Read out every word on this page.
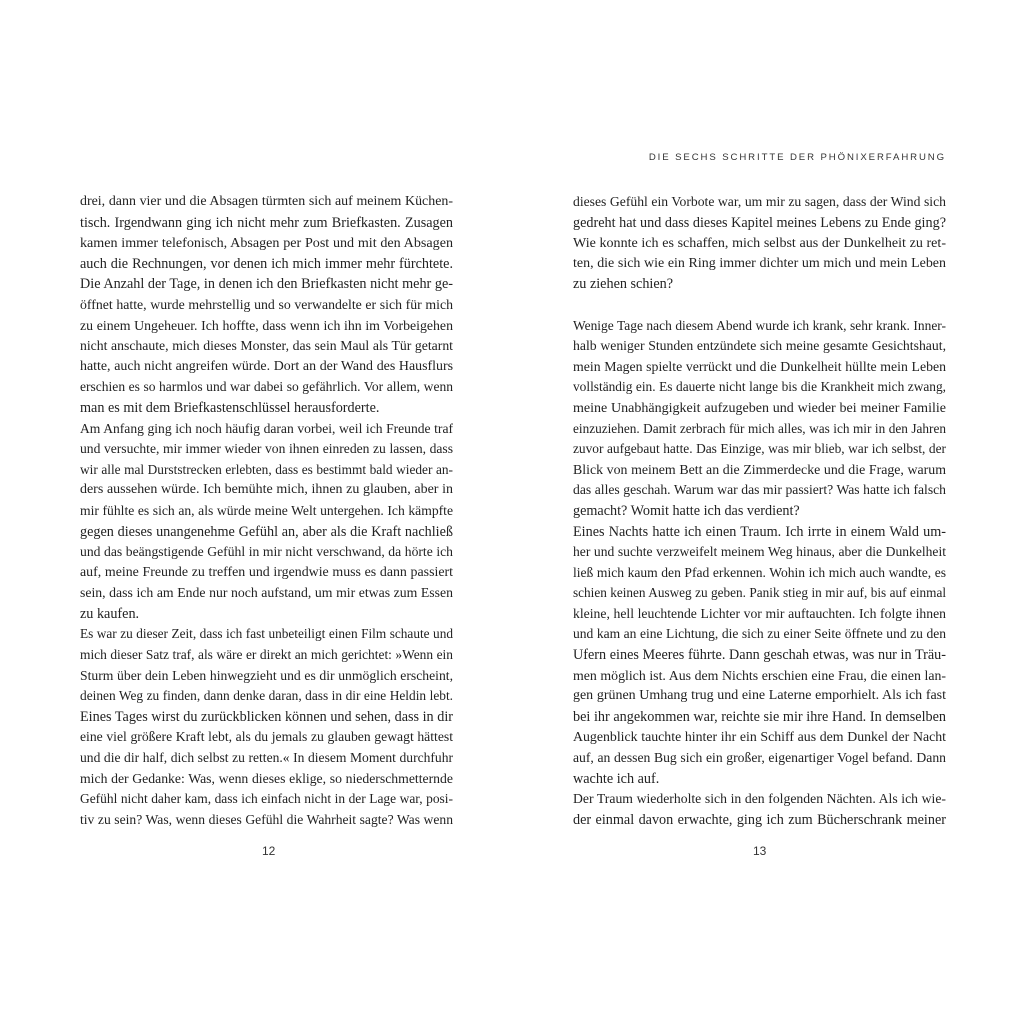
drei, dann vier und die Absagen türmten sich auf meinem Küchen-
tisch. Irgendwann ging ich nicht mehr zum Briefkasten. Zusagen
kamen immer telefonisch, Absagen per Post und mit den Absagen
auch die Rechnungen, vor denen ich mich immer mehr fürchtete.
Die Anzahl der Tage, in denen ich den Briefkasten nicht mehr ge-
öffnet hatte, wurde mehrstellig und so verwandelte er sich für mich
zu einem Ungeheuer. Ich hoffte, dass wenn ich ihn im Vorbeigehen
nicht anschaute, mich dieses Monster, das sein Maul als Tür getarnt
hatte, auch nicht angreifen würde. Dort an der Wand des Hausflurs
erschien es so harmlos und war dabei so gefährlich. Vor allem, wenn
man es mit dem Briefkastenschlüssel herausforderte.
Am Anfang ging ich noch häufig daran vorbei, weil ich Freunde traf
und versuchte, mir immer wieder von ihnen einreden zu lassen, dass
wir alle mal Durststrecken erlebten, dass es bestimmt bald wieder an-
ders aussehen würde. Ich bemühte mich, ihnen zu glauben, aber in
mir fühlte es sich an, als würde meine Welt untergehen. Ich kämpfte
gegen dieses unangenehme Gefühl an, aber als die Kraft nachließ
und das beängstigende Gefühl in mir nicht verschwand, da hörte ich
auf, meine Freunde zu treffen und irgendwie muss es dann passiert
sein, dass ich am Ende nur noch aufstand, um mir etwas zum Essen
zu kaufen.
Es war zu dieser Zeit, dass ich fast unbeteiligt einen Film schaute und
mich dieser Satz traf, als wäre er direkt an mich gerichtet: »Wenn ein
Sturm über dein Leben hinwegzieht und es dir unmöglich erscheint,
deinen Weg zu finden, dann denke daran, dass in dir eine Heldin lebt.
Eines Tages wirst du zurückblicken können und sehen, dass in dir
eine viel größere Kraft lebt, als du jemals zu glauben gewagt hättest
und die dir half, dich selbst zu retten.« In diesem Moment durchfuhr
mich der Gedanke: Was, wenn dieses eklige, so niederschmetternde
Gefühl nicht daher kam, dass ich einfach nicht in der Lage war, posi-
tiv zu sein? Was, wenn dieses Gefühl die Wahrheit sagte? Was wenn
12
DIE SECHS SCHRITTE DER PHÖNIXERFAHRUNG
dieses Gefühl ein Vorbote war, um mir zu sagen, dass der Wind sich
gedreht hat und dass dieses Kapitel meines Lebens zu Ende ging?
Wie konnte ich es schaffen, mich selbst aus der Dunkelheit zu ret-
ten, die sich wie ein Ring immer dichter um mich und mein Leben
zu ziehen schien?
Wenige Tage nach diesem Abend wurde ich krank, sehr krank. Inner-
halb weniger Stunden entzündete sich meine gesamte Gesichtshaut,
mein Magen spielte verrückt und die Dunkelheit hüllte mein Leben
vollständig ein. Es dauerte nicht lange bis die Krankheit mich zwang,
meine Unabhängigkeit aufzugeben und wieder bei meiner Familie
einzuziehen. Damit zerbrach für mich alles, was ich mir in den Jahren
zuvor aufgebaut hatte. Das Einzige, was mir blieb, war ich selbst, der
Blick von meinem Bett an die Zimmerdecke und die Frage, warum
das alles geschah. Warum war das mir passiert? Was hatte ich falsch
gemacht? Womit hatte ich das verdient?
Eines Nachts hatte ich einen Traum. Ich irrte in einem Wald um-
her und suchte verzweifelt meinem Weg hinaus, aber die Dunkelheit
ließ mich kaum den Pfad erkennen. Wohin ich mich auch wandte, es
schien keinen Ausweg zu geben. Panik stieg in mir auf, bis auf einmal
kleine, hell leuchtende Lichter vor mir auftauchten. Ich folgte ihnen
und kam an eine Lichtung, die sich zu einer Seite öffnete und zu den
Ufern eines Meeres führte. Dann geschah etwas, was nur in Träu-
men möglich ist. Aus dem Nichts erschien eine Frau, die einen lan-
gen grünen Umhang trug und eine Laterne emporhielt. Als ich fast
bei ihr angekommen war, reichte sie mir ihre Hand. In demselben
Augenblick tauchte hinter ihr ein Schiff aus dem Dunkel der Nacht
auf, an dessen Bug sich ein großer, eigenartiger Vogel befand. Dann
wachte ich auf.
Der Traum wiederholte sich in den folgenden Nächten. Als ich wie-
der einmal davon erwachte, ging ich zum Bücherschrank meiner
13
